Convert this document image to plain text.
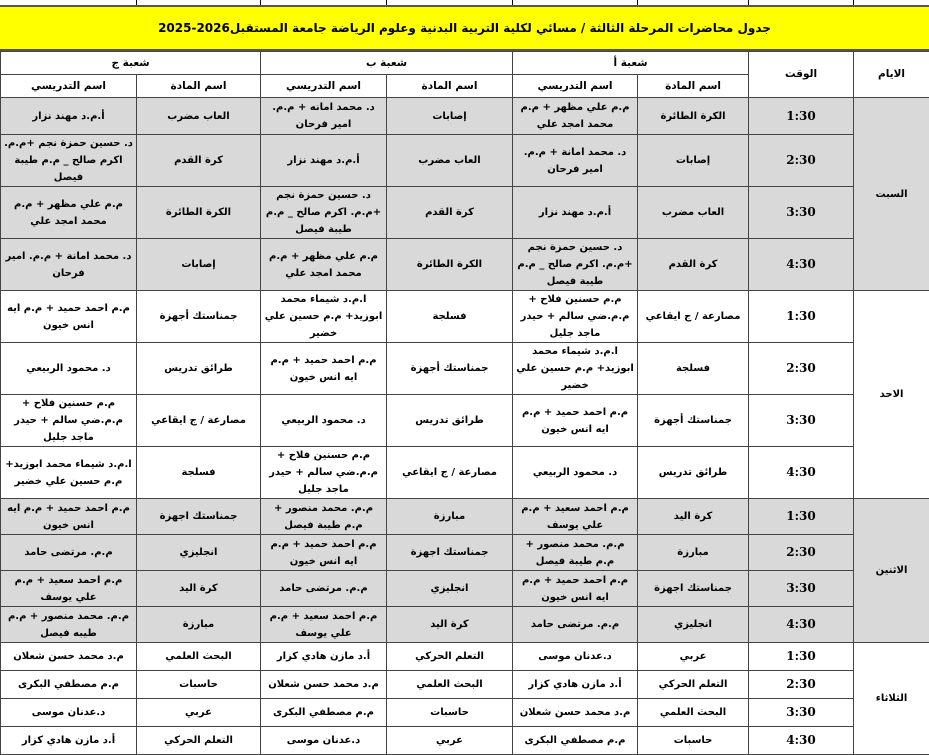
جدول محاضرات المرحلة الثالثة / مسائي لكلية التربية البدنية وعلوم الرياضة جامعة المستقبل2026-2025
الايام	الوقت	شعبة أ		شعبة ب		شعبة ج	
		اسم المادة	اسم التدريسي	اسم المادة	اسم التدريسي	اسم المادة	اسم التدريسي
السبت	1:30	الكرة الطائرة	م.م علي مظهر + م.م محمد امجد علي	إصابات	د. محمد امانه + م.م. امير فرحان	العاب مضرب	أ.م.د مهند نزار
	2:30	إصابات	د. محمد امانة + م.م. امير فرحان	العاب مضرب	أ.م.د مهند نزار	كرة القدم	د. حسين حمزة نجم +م.م. اكرم صالح _ م.م طيبة فيصل
	3:30	العاب مضرب	أ.م.د مهند نزار	كرة القدم	د. حسين حمزة نجم +م.م. اكرم صالح _ م.م طيبة فيصل	الكرة الطائرة	م.م علي مظهر + م.م محمد امجد علي
	4:30	كرة القدم	د. حسين حمزة نجم +م.م. اكرم صالح _ م.م طيبة فيصل	الكرة الطائرة	م.م علي مظهر + م.م محمد امجد علي	إصابات	د. محمد امانة + م.م. امير فرحان
الاحد	1:30	مصارعة / ج ايقاعي	م.م حسنين فلاح + م.م.ضي سالم + حيدر ماجد جليل	فسلجة	ا.م.د شيماء محمد ابوزيد+ م.م حسين علي خضير	جمناستك أجهزة	م.م احمد حميد + م.م ايه انس خيون
	2:30	فسلجة	ا.م.د شيماء محمد ابوزيد+ م.م حسين علي خضير	جمناستك أجهزة	م.م احمد حميد + م.م ايه انس خيون	طرائق تدريس	د. محمود الربيعي
	3:30	جمناستك أجهزة	م.م احمد حميد + م.م ايه انس خيون	طرائق تدريس	د. محمود الربيعي	مصارعة / ج ايقاعي	م.م حسنين فلاح + م.م.ضي سالم + حيدر ماجد جليل
	4:30	طرائق تدريس	د. محمود الربيعي	مصارعة / ج ايقاعي	م.م حسنين فلاح + م.م.ضي سالم + حيدر ماجد جليل	فسلجة	ا.م.د شيماء محمد ابوزيد+ م.م حسين علي خضير
الاثنين	1:30	كرة اليد	م.م احمد سعيد + م.م علي يوسف	مبارزة	م.م. محمد منصور + م.م طيبة فيصل	جمناستك اجهزة	م.م احمد حميد + م.م ايه انس خيون
	2:30	مبارزة	م.م. محمد منصور + م.م طيبة فيصل	جمناستك اجهزة	م.م احمد حميد + م.م ايه انس خيون	انجليزي	م.م. مرتضى حامد
	3:30	جمناستك اجهزة	م.م احمد حميد + م.م ايه انس خيون	انجليزي	م.م. مرتضى حامد	كرة اليد	م.م احمد سعيد + م.م علي يوسف
	4:30	انجليزي	م.م. مرتضى حامد	كرة اليد	م.م احمد سعيد + م.م علي يوسف	مبارزة	م.م. محمد منصور + م.م طيبه فيصل
الثلاثاء	1:30	عربي	د.عدنان موسى	التعلم الحركي	أ.د مازن هادي كزار	البحث العلمي	م.د محمد حسن شعلان
	2:30	التعلم الحركي	أ.د مازن هادي كزار	البحث العلمي	م.د محمد حسن شعلان	حاسبات	م.م مصطفي البكرى
	3:30	البحث العلمي	م.د محمد حسن شعلان	حاسبات	م.م مصطفي البكرى	عربي	د.عدنان موسى
	4:30	حاسبات	م.م مصطفي البكرى	عربي	د.عدنان موسى	التعلم الحركي	أ.د مازن هادي كزار
